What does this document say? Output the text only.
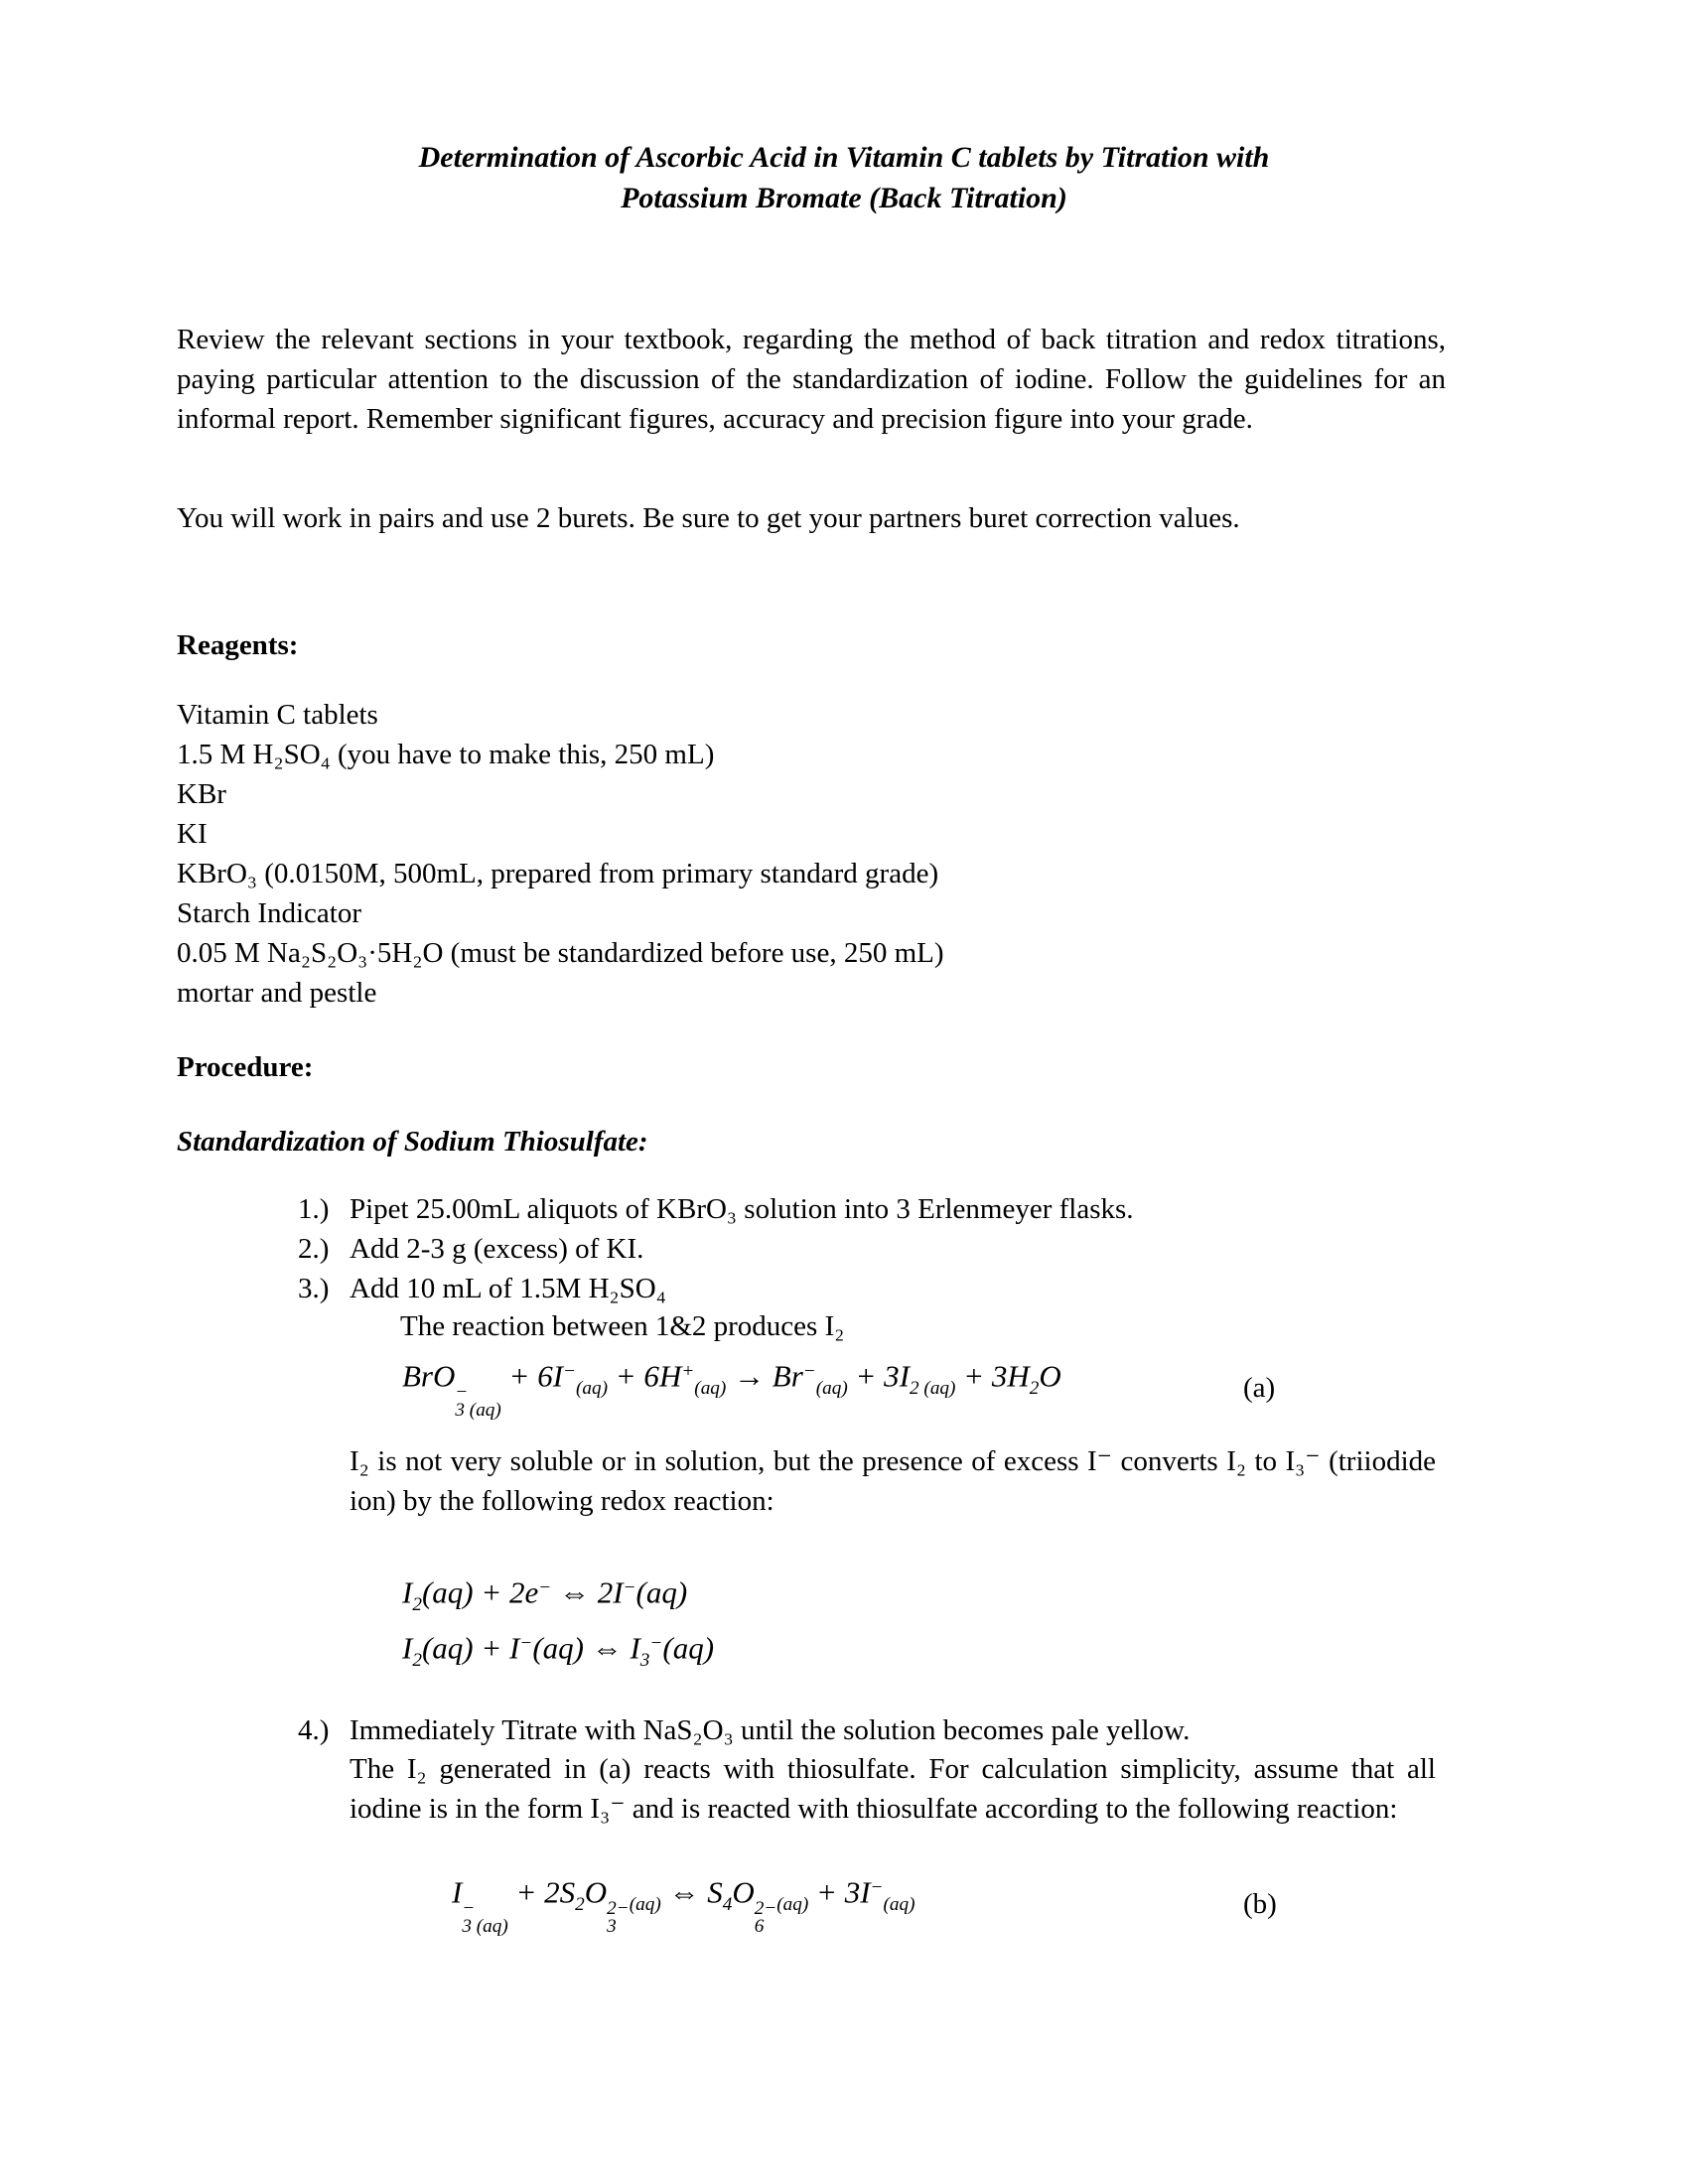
Determination of Ascorbic Acid in Vitamin C tablets by Titration with
Potassium Bromate (Back Titration)

Review the relevant sections in your textbook, regarding the method of back titration and redox titrations, paying particular attention to the discussion of the standardization of iodine. Follow the guidelines for an informal report. Remember significant figures, accuracy and precision figure into your grade.

You will work in pairs and use 2 burets. Be sure to get your partners buret correction values.

Reagents:
Vitamin C tablets
1.5 M H₂SO₄ (you have to make this, 250 mL)
KBr
KI
KBrO₃ (0.0150M, 500mL, prepared from primary standard grade)
Starch Indicator
0.05 M Na₂S₂O₃·5H₂O (must be standardized before use, 250 mL)
mortar and pestle
Procedure:
Standardization of Sodium Thiosulfate:
1.) Pipet 25.00mL aliquots of KBrO₃ solution into 3 Erlenmeyer flasks.
2.) Add 2-3 g (excess) of KI.
3.) Add 10 mL of 1.5M H₂SO₄
The reaction between 1&2 produces I₂
BrO −
3 (aq)
+ $6I^-_{(aq)} + 6H^+_{(aq)} \to Br^-_{(aq)} + 3I_{2 (aq)} + 3H_2O$	(a)

I₂ is not very soluble or in solution, but the presence of excess I⁻ converts I₂ to I₃⁻ (triiodide ion) by the following redox reaction:

$I_2(aq) + 2e^-$ ⇔ 2I−(aq)
$I_2(aq) + I^-(aq)$ ⇔ $I_3^-(aq)$
4.) Immediately Titrate with NaS₂O₃ until the solution becomes pale yellow.

The I₂ generated in (a) reacts with thiosulfate. For calculation simplicity, assume that all iodine is in the form I₃⁻ and is reacted with thiosulfate according to the following reaction:

I −
3 (aq)
+ $2S_2O$ 2−
3
$_{(aq)}$ ⇔ $S_4O$ 2−
6
$_{(aq)} + 3I^-_{(aq)}$	(b)
